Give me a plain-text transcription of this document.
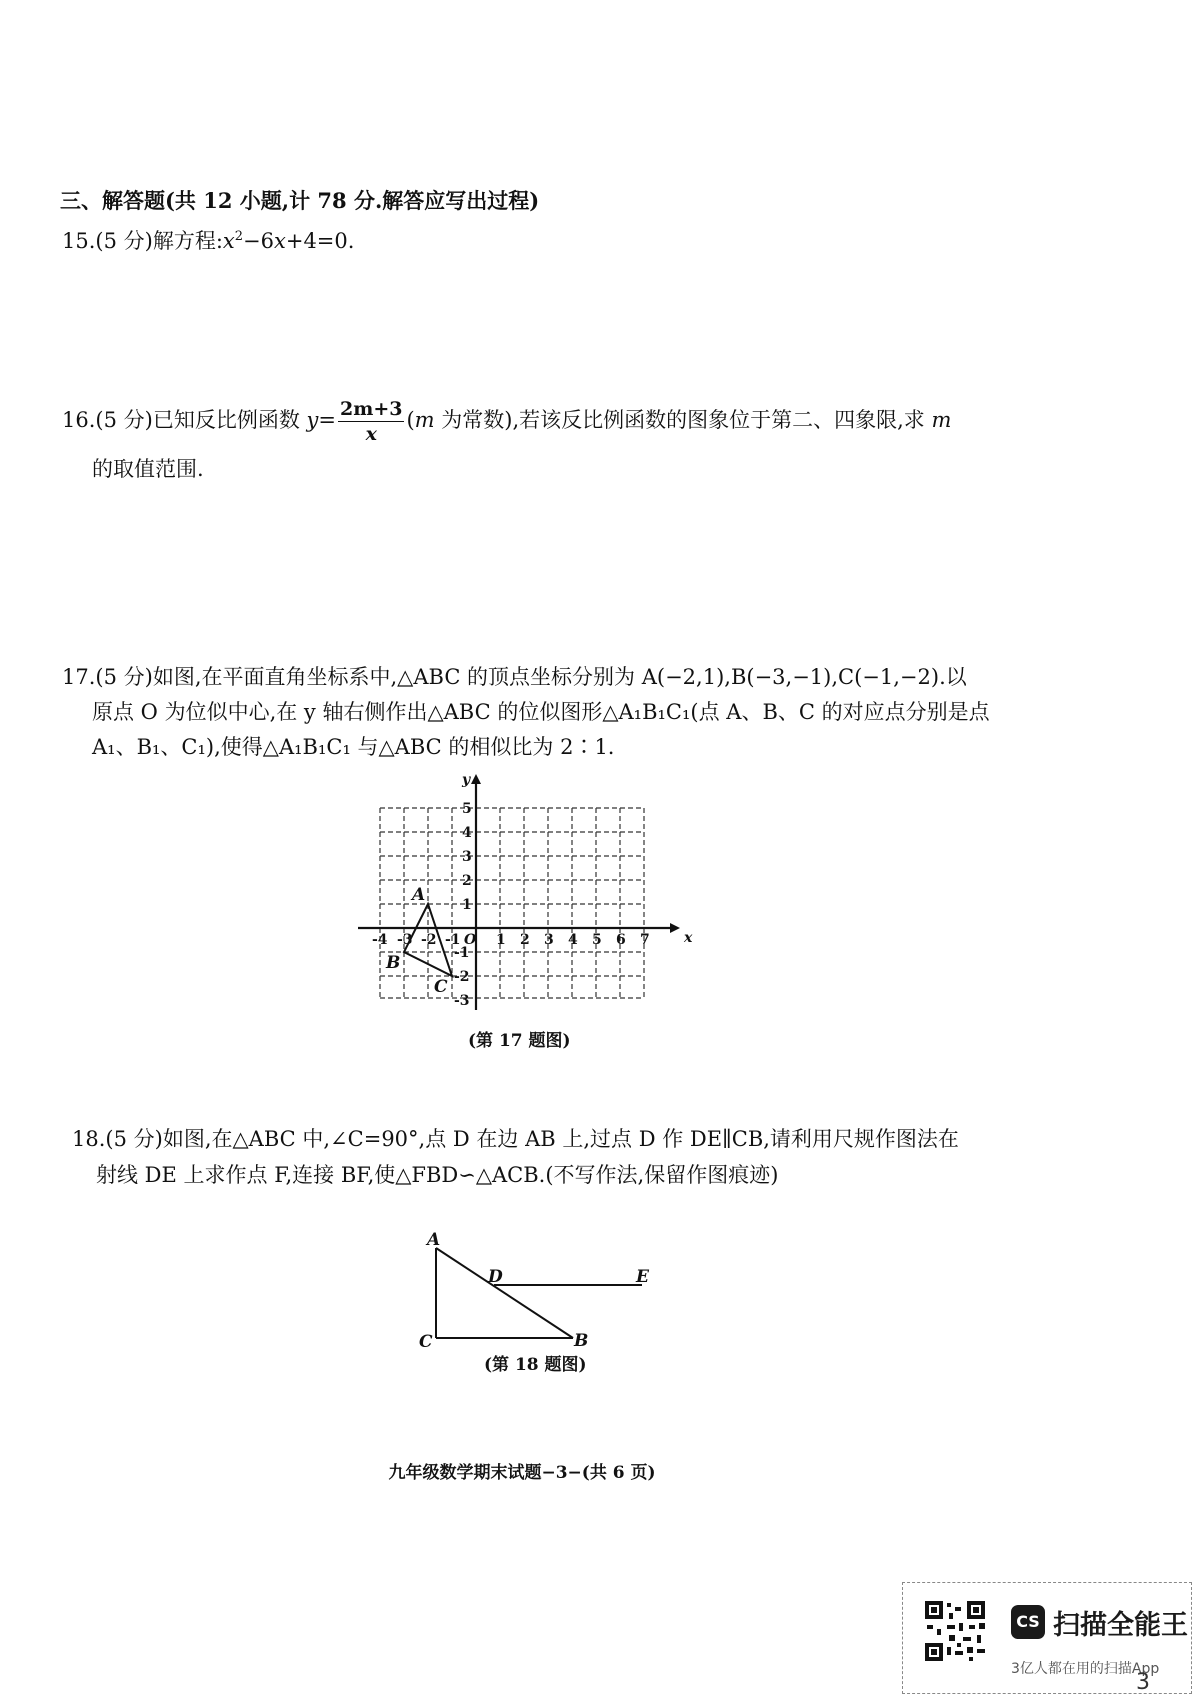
三、解答题(共 12 小题,计 78 分.解答应写出过程)
15.(5 分)解方程$:x^2-6x+4=0$.
16.(5 分)已知反比例函数 $y= \frac{2m+3}{x} (m$ 为常数),若该反比例函数的图象位于第二、四象限,求 m
的取值范围.
17.(5 分)如图,在平面直角坐标系中,△ABC 的顶点坐标分别为 A(−2,1),B(−3,−1),C(−1,−2).以
原点 O 为位似中心,在 y 轴右侧作出△ABC 的位似图形△A₁B₁C₁(点 A、B、C 的对应点分别是点
A₁、B₁、C₁),使得△A₁B₁C₁ 与△ABC 的相似比为 2∶1.
x
y
O
-4 -3 -2 -1	1 2 3 4 5 6 7
5
4
3
2
1
-1
-2
-3
A
B
C
(第 17 题图)
18.(5 分)如图,在△ABC 中,∠C=90°,点 D 在边 AB 上,过点 D 作 DE∥CB,请利用尺规作图法在
射线 DE 上求作点 F,连接 BF,使△FBD∽△ACB.(不写作法,保留作图痕迹)
A
D	E
C	B
(第 18 题图)
九年级数学期末试题−3−(共 6 页)
CS 扫描全能王
3亿人都在用的扫描App
3
